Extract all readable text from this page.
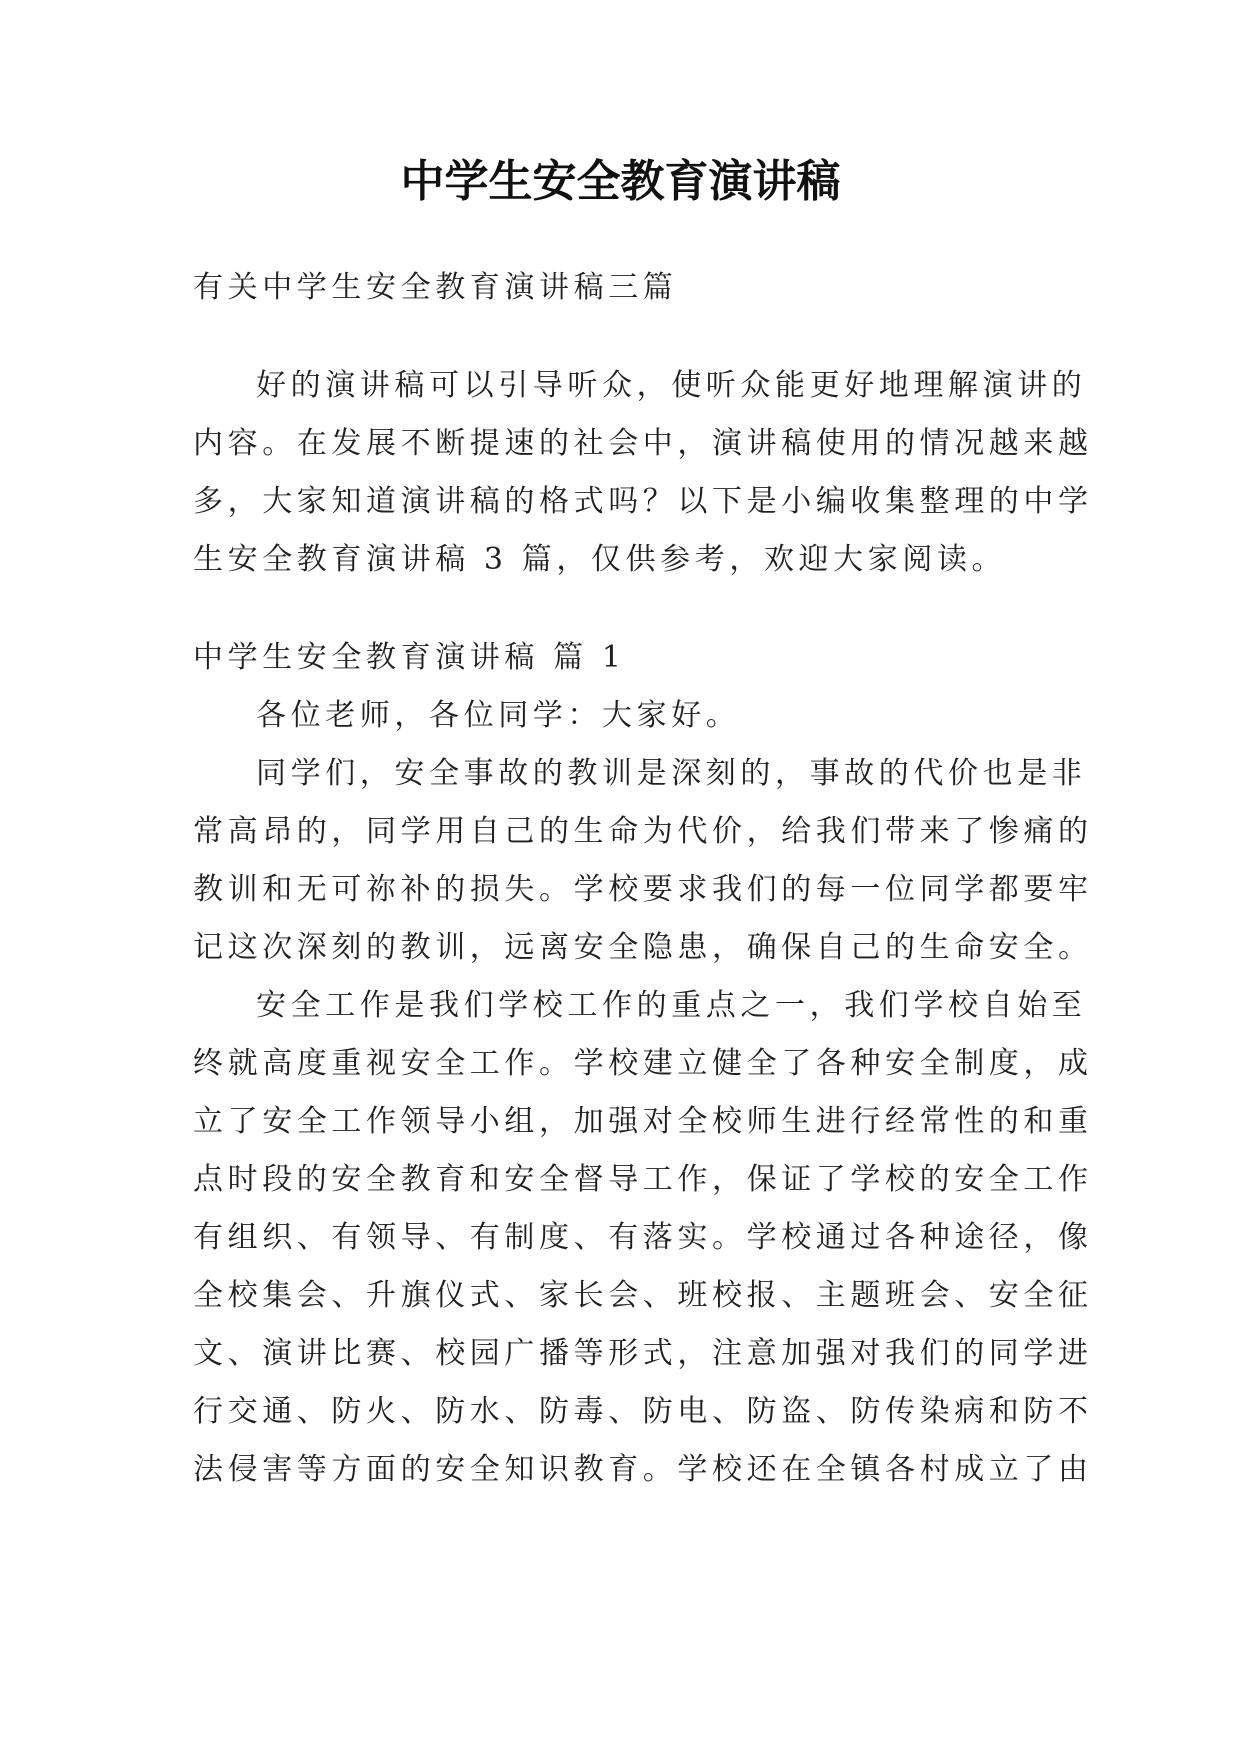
中学生安全教育演讲稿
有关中学生安全教育演讲稿三篇
好的演讲稿可以引导听众，使听众能更好地理解演讲的
内容。在发展不断提速的社会中，演讲稿使用的情况越来越
多，大家知道演讲稿的格式吗？以下是小编收集整理的中学
生安全教育演讲稿 3 篇，仅供参考，欢迎大家阅读。
中学生安全教育演讲稿 篇 1
各位老师，各位同学：大家好。
同学们，安全事故的教训是深刻的，事故的代价也是非
常高昂的，同学用自己的生命为代价，给我们带来了惨痛的
教训和无可祢补的损失。学校要求我们的每一位同学都要牢
记这次深刻的教训，远离安全隐患，确保自己的生命安全。
安全工作是我们学校工作的重点之一，我们学校自始至
终就高度重视安全工作。学校建立健全了各种安全制度，成
立了安全工作领导小组，加强对全校师生进行经常性的和重
点时段的安全教育和安全督导工作，保证了学校的安全工作
有组织、有领导、有制度、有落实。学校通过各种途径，像
全校集会、升旗仪式、家长会、班校报、主题班会、安全征
文、演讲比赛、校园广播等形式，注意加强对我们的同学进
行交通、防火、防水、防毒、防电、防盗、防传染病和防不
法侵害等方面的安全知识教育。学校还在全镇各村成立了由
